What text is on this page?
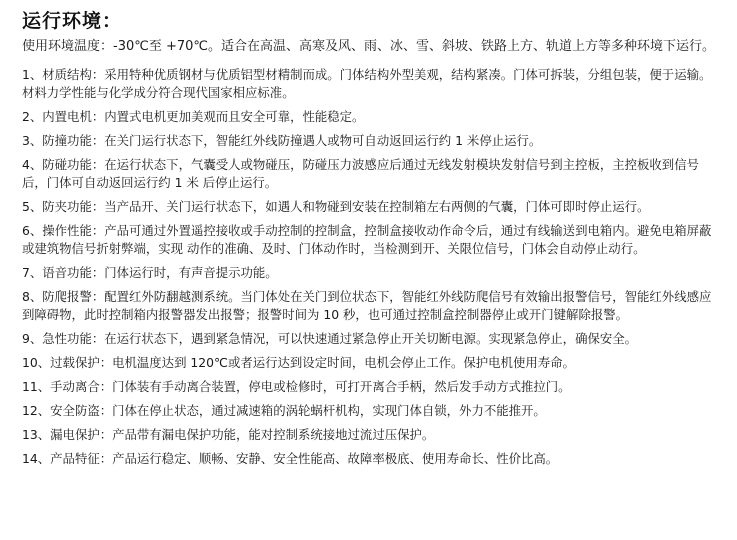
运行环境：

使用环境温度：-30℃至 +70℃。适合在高温、高寒及风、雨、冰、雪、斜坡、铁路上方、轨道上方等多种环境下运行。

1、材质结构：采用特种优质钢材与优质铝型材精制而成。门体结构外型美观，结构紧凑。门体可拆装，分组包装，便于运输。材料力学性能与化学成分符合现代国家相应标准。
2、内置电机：内置式电机更加美观而且安全可靠，性能稳定。
3、防撞功能：在关门运行状态下，智能红外线防撞遇人或物可自动返回运行约 1 米停止运行。
4、防碰功能：在运行状态下，气囊受人或物碰压，防碰压力波感应后通过无线发射模块发射信号到主控板，主控板收到信号后，门体可自动返回运行约 1 米 后停止运行。
5、防夹功能：当产品开、关门运行状态下，如遇人和物碰到安装在控制箱左右两侧的气囊，门体可即时停止运行。
6、操作性能：产品可通过外置遥控接收或手动控制的控制盒，控制盒接收动作命令后，通过有线输送到电箱内。避免电箱屏蔽或建筑物信号折射弊端，实现 动作的准确、及时、门体动作时，当检测到开、关限位信号，门体会自动停止动行。
7、语音功能：门体运行时，有声音提示功能。
8、防爬报警：配置红外防翻越测系统。当门体处在关门到位状态下，智能红外线防爬信号有效输出报警信号，智能红外线感应到障碍物，此时控制箱内报警器发出报警；报警时间为 10 秒，也可通过控制盒控制器停止或开门键解除报警。
9、急性功能：在运行状态下，遇到紧急情况，可以快速通过紧急停止开关切断电源。实现紧急停止，确保安全。
10、过载保护：电机温度达到 120℃或者运行达到设定时间，电机会停止工作。保护电机使用寿命。
11、手动离合：门体装有手动离合装置，停电或检修时，可打开离合手柄，然后发手动方式推拉门。
12、安全防盗：门体在停止状态，通过减速箱的涡轮蜗杆机构，实现门体自锁，外力不能推开。
13、漏电保护：产品带有漏电保护功能，能对控制系统接地过流过压保护。
14、产品特征：产品运行稳定、顺畅、安静、安全性能高、故障率极底、使用寿命长、性价比高。
